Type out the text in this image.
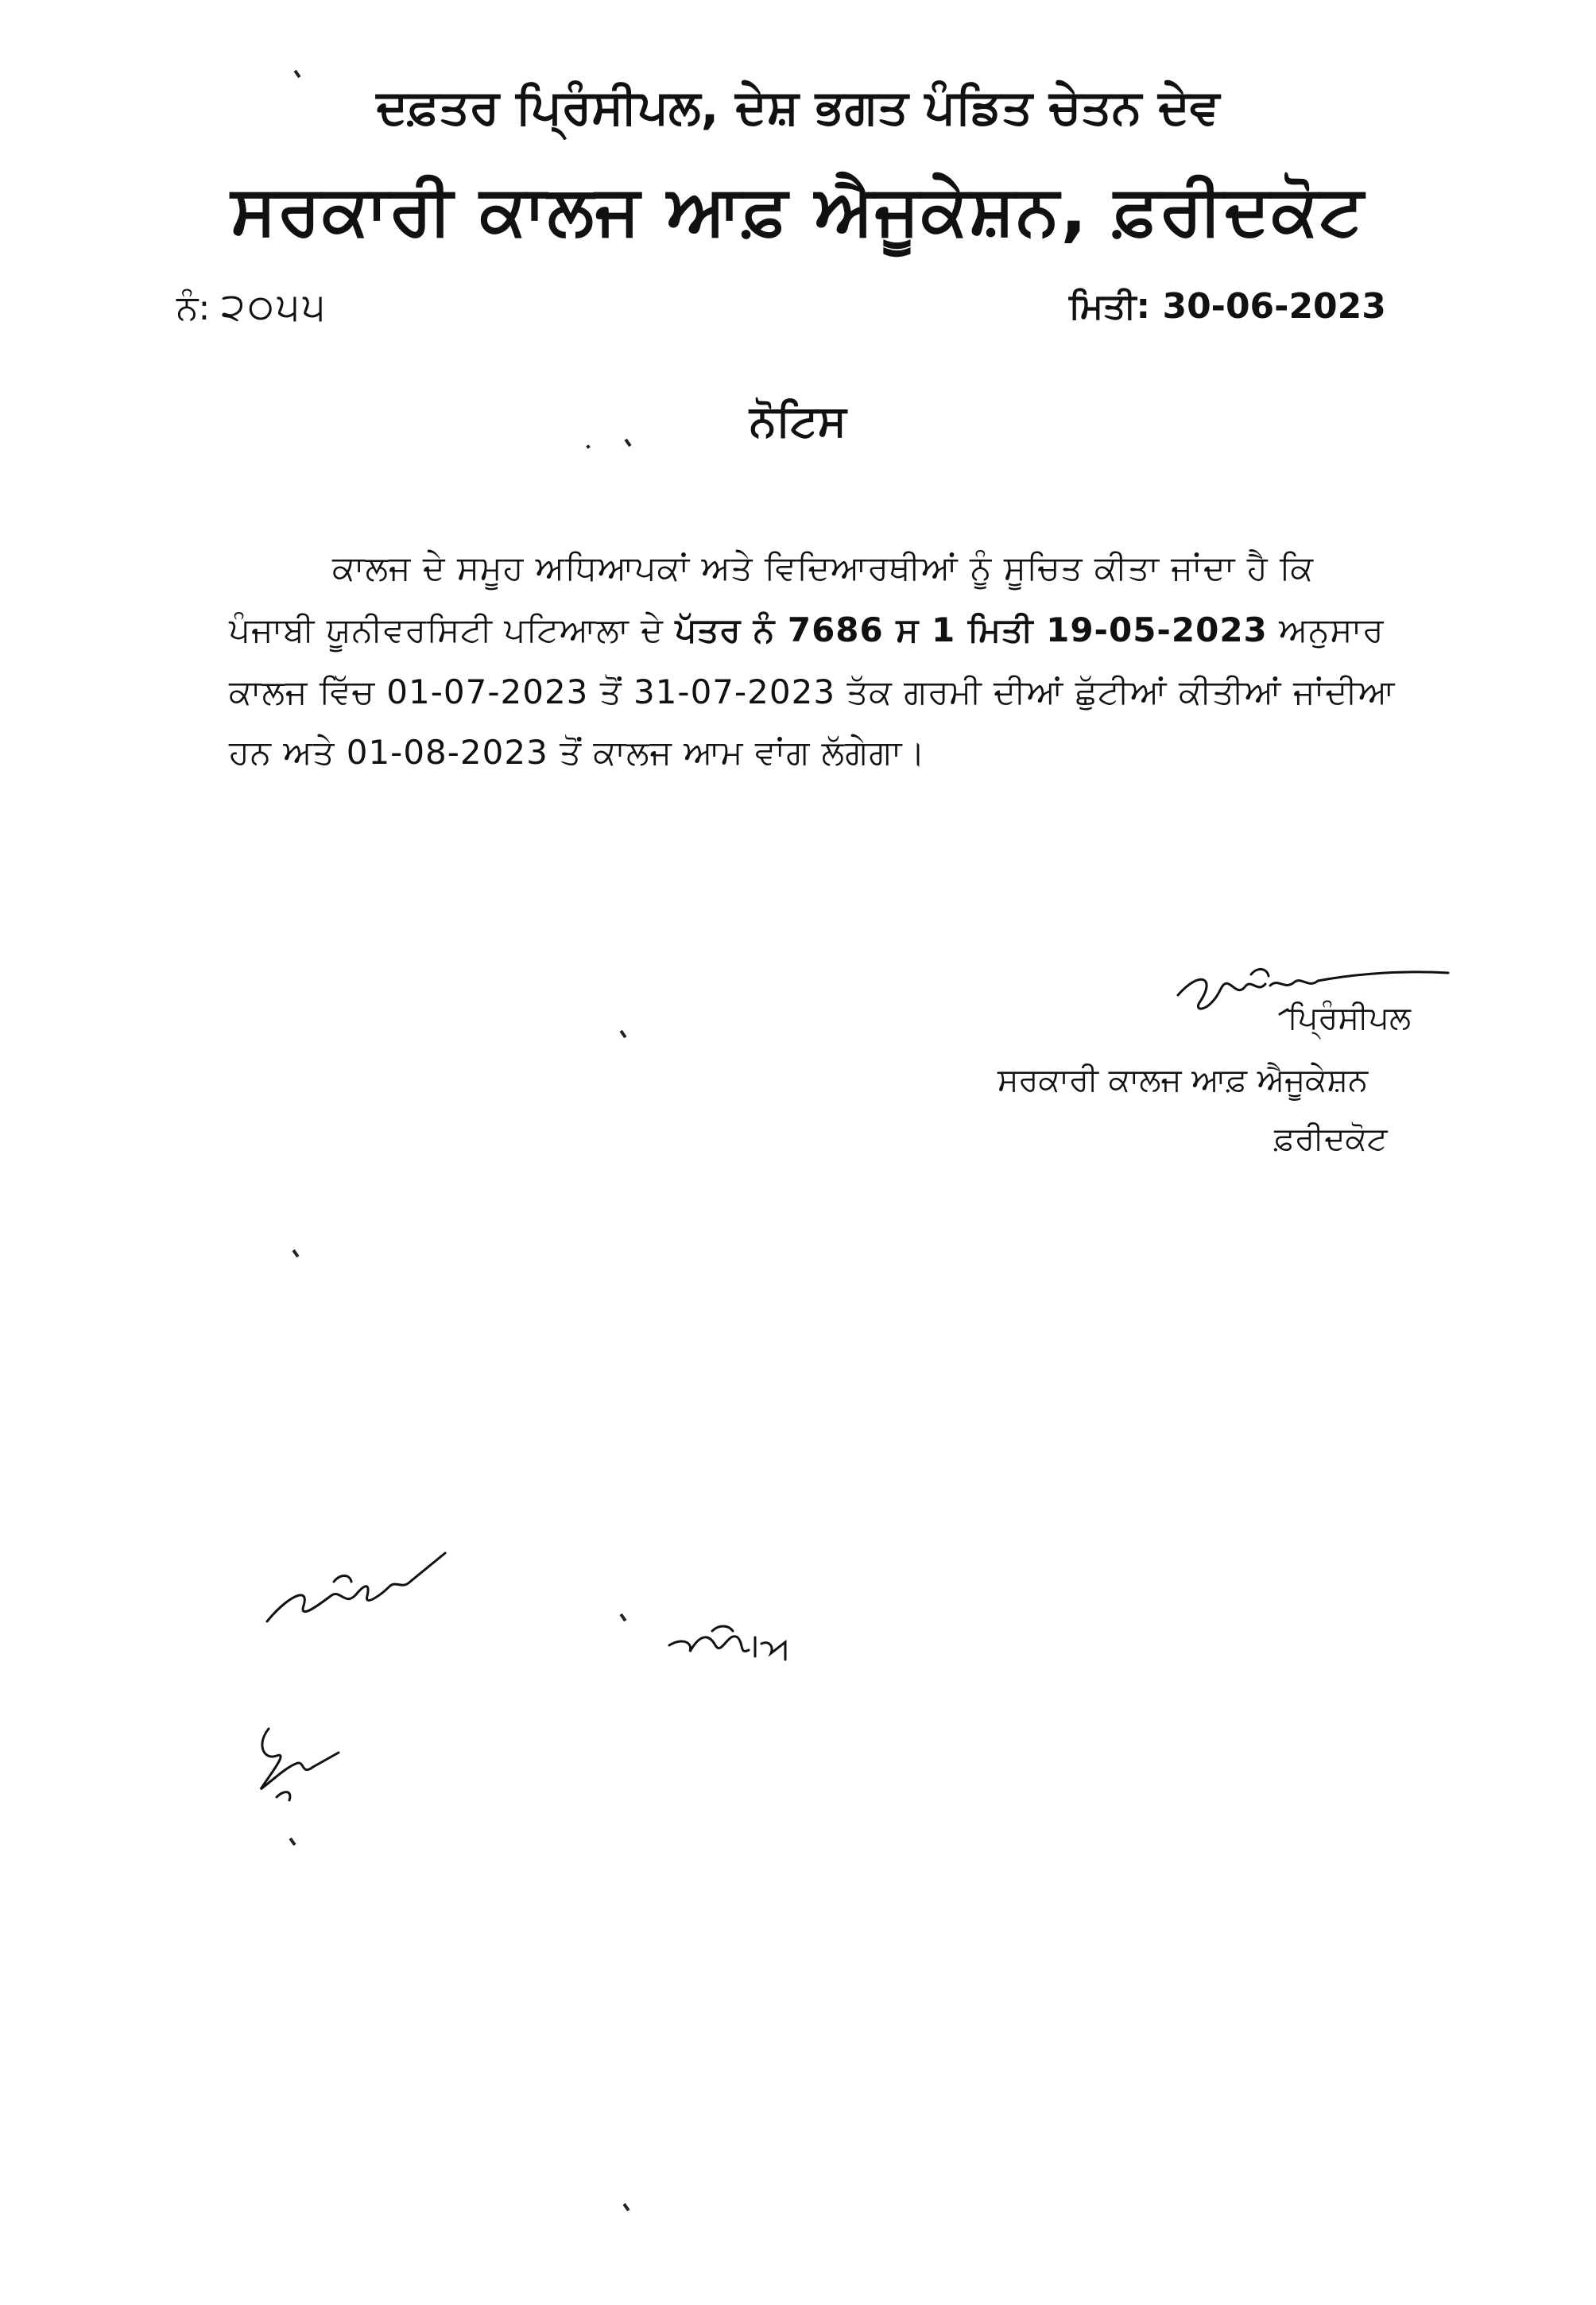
ਦਫ਼ਤਰ ਪ੍ਰਿੰਸੀਪਲ, ਦੇਸ਼ ਭਗਤ ਪੰਡਿਤ ਚੇਤਨ ਦੇਵ

ਸਰਕਾਰੀ ਕਾਲਜ ਆਫ਼ ਐਜੂਕੇਸ਼ਨ, ਫ਼ਰੀਦਕੋਟ

ਨੰ: ੨੦੫੫	ਮਿਤੀ: 30-06-2023

ਨੋਟਿਸ

ਕਾਲਜ ਦੇ ਸਮੂਹ ਅਧਿਆਪਕਾਂ ਅਤੇ ਵਿਦਿਆਰਥੀਆਂ ਨੂੰ ਸੂਚਿਤ ਕੀਤਾ ਜਾਂਦਾ ਹੈ ਕਿ

ਪੰਜਾਬੀ ਯੂਨੀਵਰਸਿਟੀ ਪਟਿਆਲਾ ਦੇ ਪੱਤਰ ਨੰ 7686 ਸ 1 ਮਿਤੀ 19-05-2023 ਅਨੁਸਾਰ

ਕਾਲਜ ਵਿੱਚ 01-07-2023 ਤੋਂ 31-07-2023 ਤੱਕ ਗਰਮੀ ਦੀਆਂ ਛੁੱਟੀਆਂ ਕੀਤੀਆਂ ਜਾਂਦੀਆ

ਹਨ ਅਤੇ 01-08-2023 ਤੋਂ ਕਾਲਜ ਆਮ ਵਾਂਗ ਲੱਗੇਗਾ।

ਪ੍ਰਿੰਸੀਪਲ

ਸਰਕਾਰੀ ਕਾਲਜ ਆਫ਼ ਐਜੂਕੇਸ਼ਨ

ਫ਼ਰੀਦਕੋਟ
